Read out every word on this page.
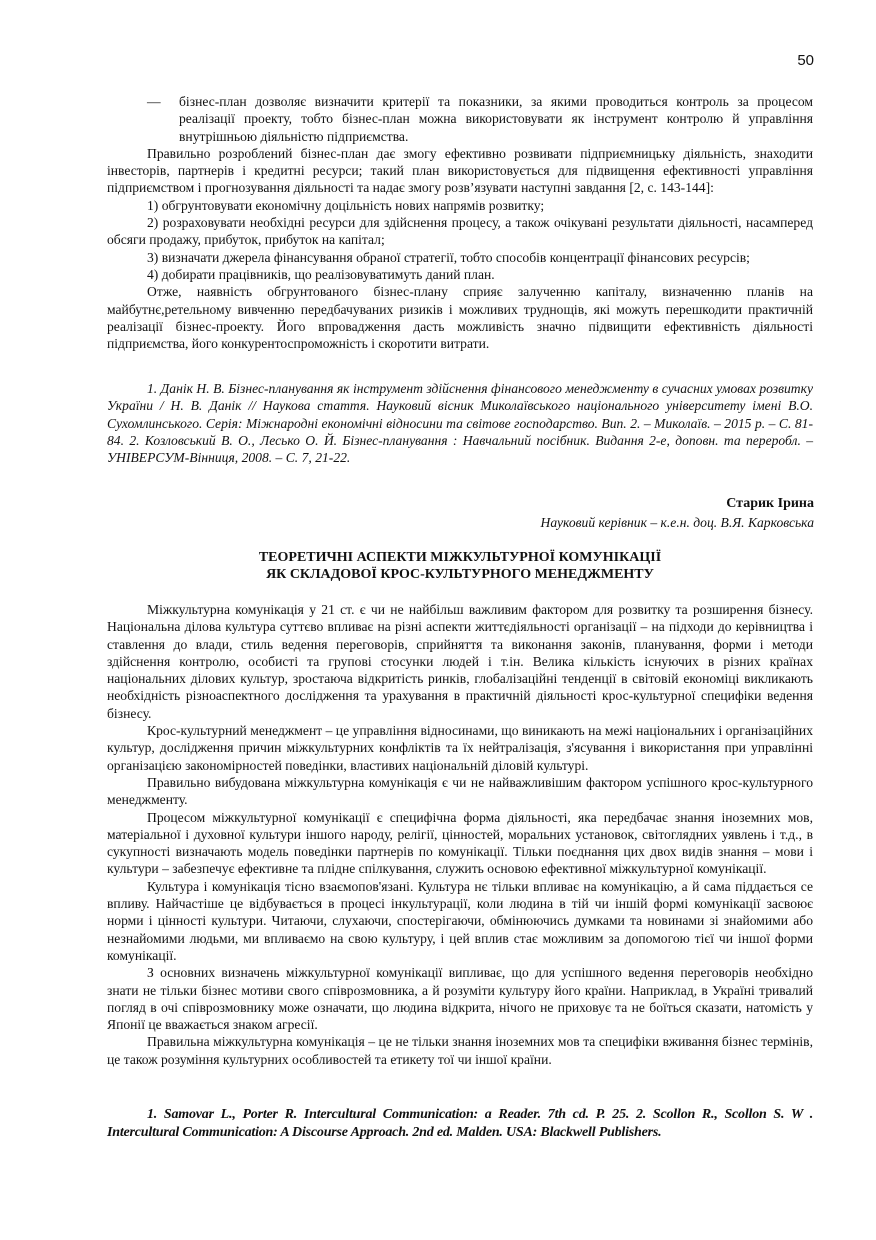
50

— бізнес-план дозволяє визначити критерії та показники, за якими проводиться контроль за процесом реалізації проекту, тобто бізнес-план можна використовувати як інструмент контролю й управління внутрішньою діяльністю підприємства.

Правильно розроблений бізнес-план дає змогу ефективно розвивати підприємницьку діяльність, знаходити інвесторів, партнерів і кредитні ресурси; такий план використовується для підвищення ефективності управління підприємством і прогнозування діяльності та надає змогу розв’язувати наступні завдання [2, с. 143-144]:

1) обгрунтовувати економічну доцільність нових напрямів розвитку;

2) розраховувати необхідні ресурси для здійснення процесу, а також очікувані результати діяльності, насамперед обсяги продажу, прибуток, прибуток на капітал;

3) визначати джерела фінансування обраної стратегії, тобто способів концентрації фінансових ресурсів;

4) добирати працівників, що реалізовуватимуть даний план.

Отже, наявність обгрунтованого бізнес-плану сприяє залученню капіталу, визначенню планів на майбутнє,ретельному вивченню передбачуваних ризиків і можливих труднощів, які можуть перешкодити практичній реалізації бізнес-проекту. Його впровадження дасть можливість значно підвищити ефективність діяльності підприємства, його конкурентоспроможність і скоротити витрати.

1. Данік Н. В. Бізнес-планування як інструмент здійснення фінансового менеджменту в сучасних умовах розвитку України / Н. В. Данік // Наукова стаття. Науковий вісник Миколаївського національного університету імені В.О. Сухомлинського. Серія: Міжнародні економічні відносини та світове господарство. Вип. 2. – Миколаїв. – 2015 р. – С. 81-84. 2. Козловський В. О., Лесько О. Й. Бізнес-планування : Навчальний посібник. Видання 2-е, доповн. та переробл. – УНІВЕРСУМ-Вінниця, 2008. – С. 7, 21-22.

Старик Ірина
Науковий керівник – к.е.н. доц. В.Я. Карковська
ТЕОРЕТИЧНІ АСПЕКТИ МІЖКУЛЬТУРНОЇ КОМУНІКАЦІЇ
ЯК СКЛАДОВОЇ КРОС-КУЛЬТУРНОГО МЕНЕДЖМЕНТУ

Міжкультурна комунікація у 21 ст. є чи не найбільш важливим фактором для розвитку та розширення бізнесу. Національна ділова культура суттєво впливає на різні аспекти життєдіяльності організації – на підходи до керівництва і ставлення до влади, стиль ведення переговорів, сприйняття та виконання законів, планування, форми і методи здійснення контролю, особисті та групові стосунки людей і т.ін. Велика кількість існуючих в різних країнах національних ділових культур, зростаюча відкритість ринків, глобалізаційні тенденції в світовій економіці викликають необхідність різноаспектного дослідження та урахування в практичній діяльності крос-культурної специфіки ведення бізнесу.

Крос-культурний менеджмент – це управління відносинами, що виникають на межі національних і організаційних культур, дослідження причин міжкультурних конфліктів та їх нейтралізація, з'ясування і використання при управлінні організацією закономірностей поведінки, властивих національній діловій культурі.

Правильно вибудована міжкультурна комунікація є чи не найважливішим фактором успішного крос-культурного менеджменту.

Процесом міжкультурної комунікації є специфічна форма діяльності, яка передбачає знання іноземних мов, матеріальної і духовної культури іншого народу, релігії, цінностей, моральних установок, світоглядних уявлень і т.д., в сукупності визначають модель поведінки партнерів по комунікації. Тільки поєднання цих двох видів знання – мови і культури – забезпечує ефективне та плідне спілкування, служить основою ефективної міжкультурної комунікації.

Культура і комунікація тісно взаємопов'язані. Культура нє тільки впливає на комунікацію, а й сама піддається се впливу. Найчастіше це відбувається в процесі інкультурації, коли людина в тій чи іншій формі комунікації засвоює норми і цінності культури. Читаючи, слухаючи, спостерігаючи, обмінюючись думками та новинами зі знайомими або незнайомими людьми, ми впливаємо на свою культуру, і цей вплив стає можливим за допомогою тієї чи іншої форми комунікації.

З основних визначень міжкультурної комунікації випливає, що для успішного ведення переговорів необхідно знати не тільки бізнес мотиви свого співрозмовника, а й розуміти культуру його країни. Наприклад, в Україні тривалий погляд в очі співрозмовнику може означати, що людина відкрита, нічого не приховує та не боїться сказати, натомість у Японії це вважається знаком агресії.

Правильна міжкультурна комунікація – це не тільки знання іноземних мов та специфіки вживання бізнес термінів, це також розуміння культурних особливостей та етикету тої чи іншої країни.

1. Samovar L., Porter R. Intercultural Communication: a Reader. 7th cd. P. 25. 2. Scollon R., Scollon S. W . Intercultural Communication: A Discourse Approach. 2nd ed. Malden. USA: Blackwell Publishers.
